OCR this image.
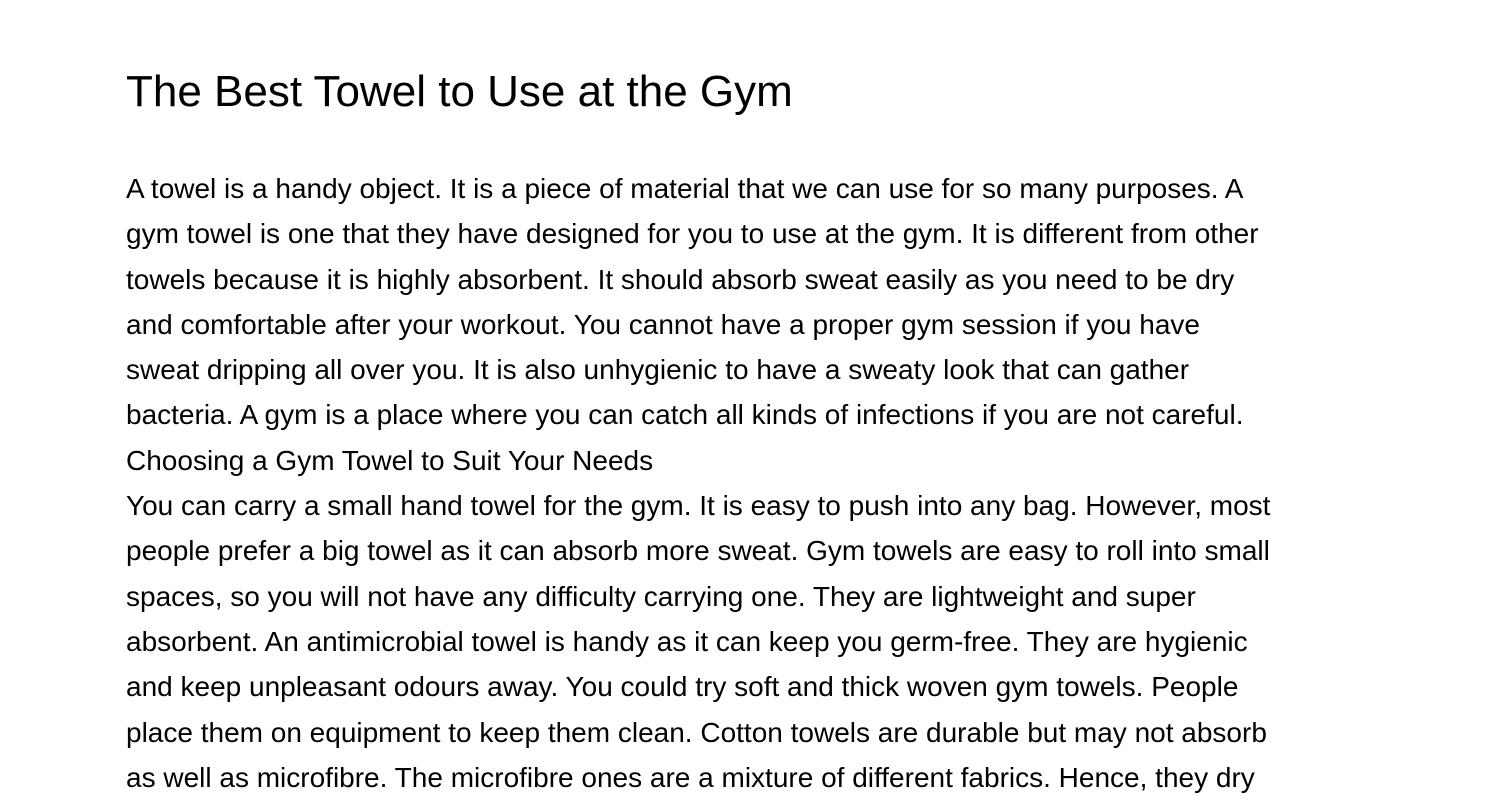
The Best Towel to Use at the Gym
A towel is a handy object. It is a piece of material that we can use for so many purposes. A
gym towel is one that they have designed for you to use at the gym. It is different from other
towels because it is highly absorbent. It should absorb sweat easily as you need to be dry
and comfortable after your workout. You cannot have a proper gym session if you have
sweat dripping all over you. It is also unhygienic to have a sweaty look that can gather
bacteria. A gym is a place where you can catch all kinds of infections if you are not careful.
Choosing a Gym Towel to Suit Your Needs
You can carry a small hand towel for the gym. It is easy to push into any bag. However, most
people prefer a big towel as it can absorb more sweat. Gym towels are easy to roll into small
spaces, so you will not have any difficulty carrying one. They are lightweight and super
absorbent. An antimicrobial towel is handy as it can keep you germ-free. They are hygienic
and keep unpleasant odours away. You could try soft and thick woven gym towels. People
place them on equipment to keep them clean. Cotton towels are durable but may not absorb
as well as microfibre. The microfibre ones are a mixture of different fabrics. Hence, they dry
